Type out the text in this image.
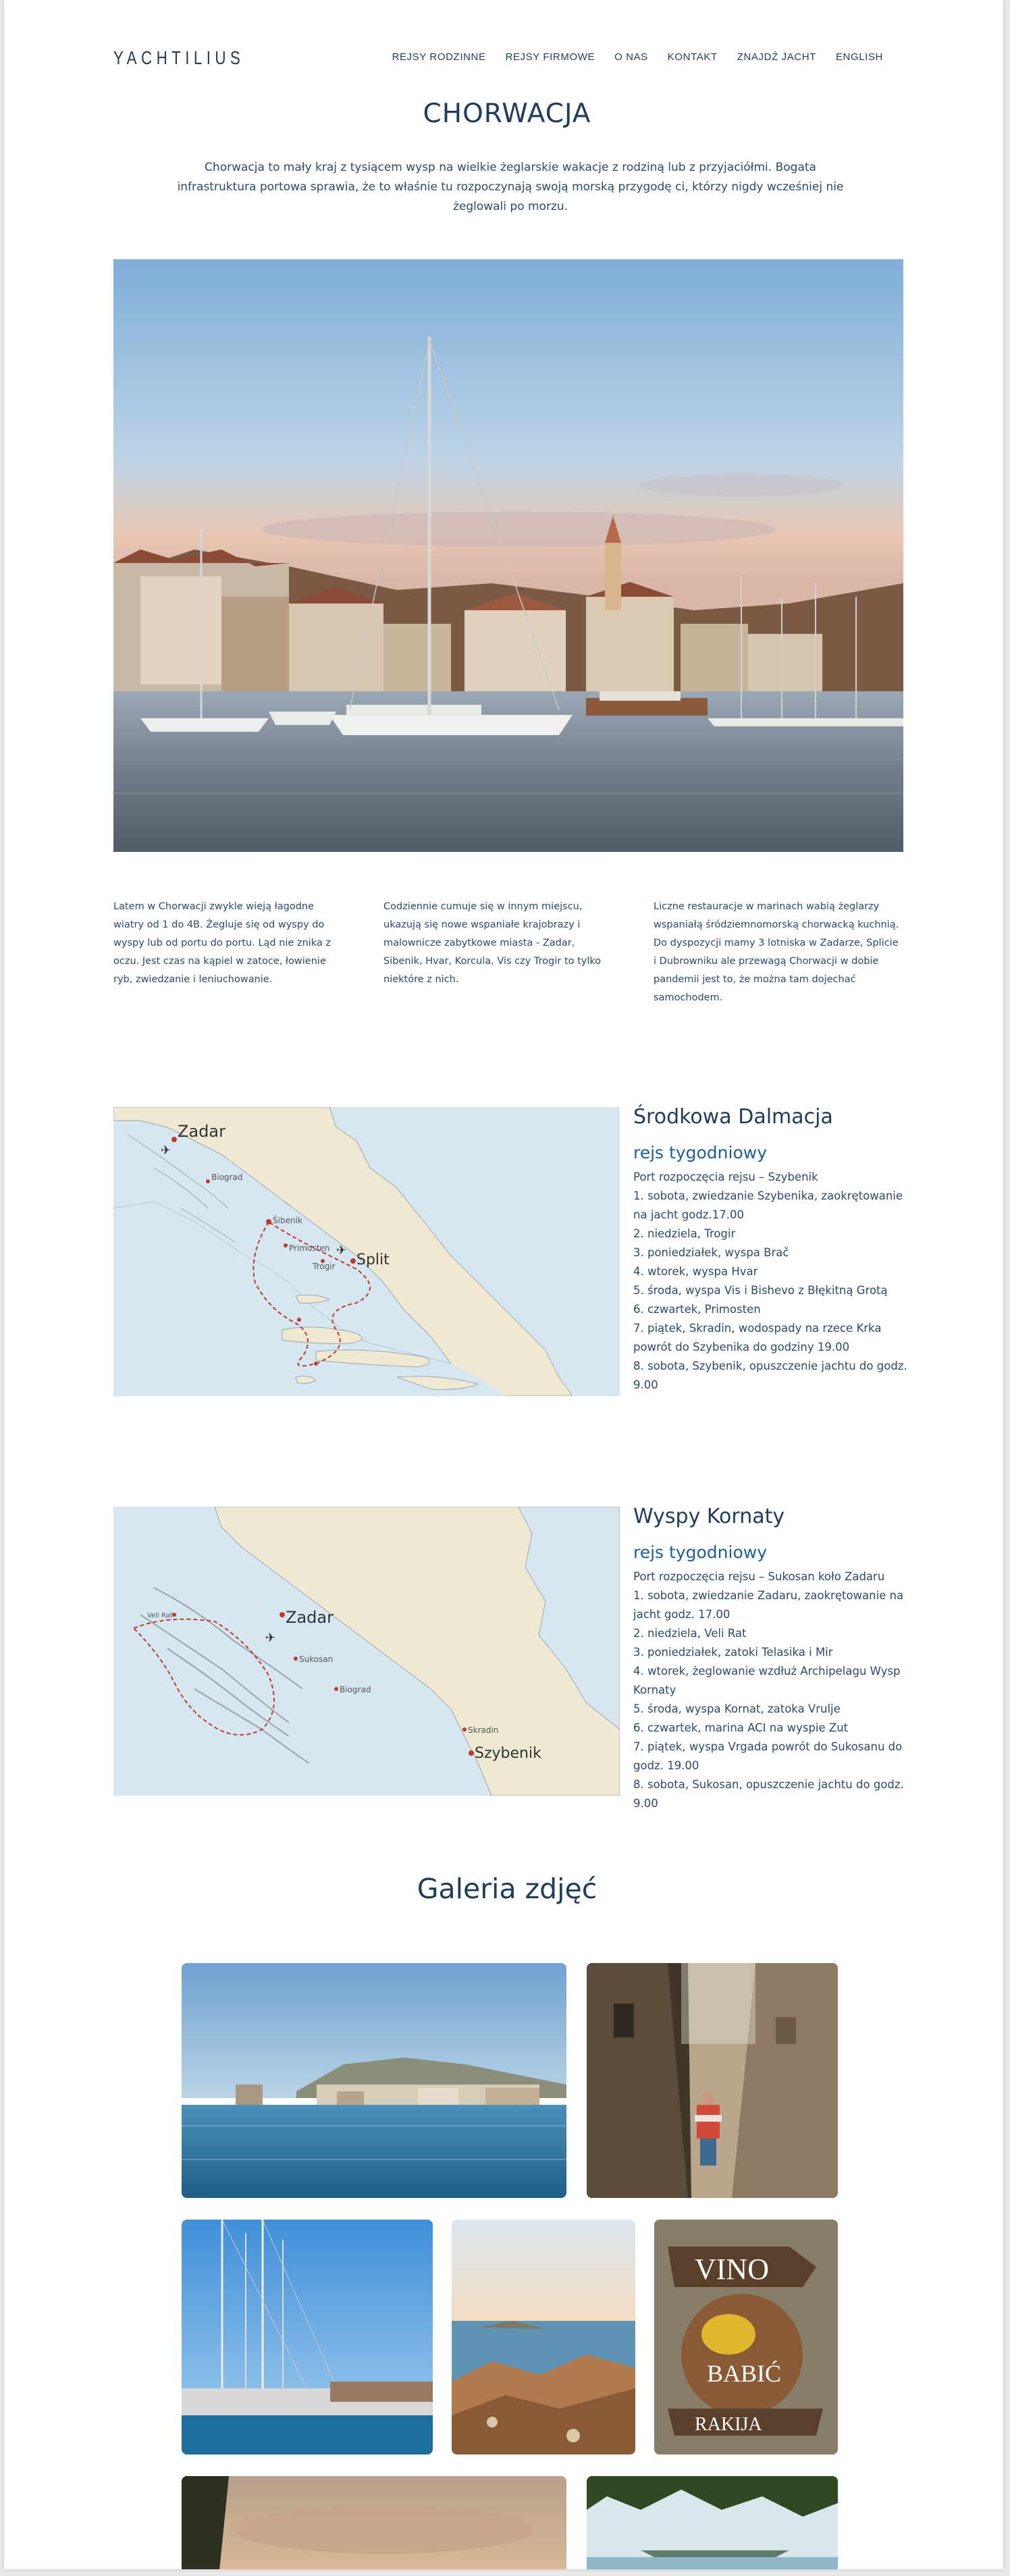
YACHTILIUS	REJSY RODZINNE REJSY FIRMOWE O NAS KONTAKT ZNAJDŹ JACHT ENGLISH
CHORWACJA

Chorwacja to mały kraj z tysiącem wysp na wielkie żeglarskie wakacje z rodziną lub z przyjaciółmi. Bogata infrastruktura portowa sprawia, że to właśnie tu rozpoczynają swoją morską przygodę ci, którzy nigdy wcześniej nie żeglowali po morzu.

Latem w Chorwacji zwykle wieją łagodne wiatry od 1 do 4B. Żegluje się od wyspy do wyspy lub od portu do portu. Ląd nie znika z oczu. Jest czas na kąpiel w zatoce, łowienie ryb, zwiedzanie i leniuchowanie.

Codziennie cumuje się w innym miejscu, ukazują się nowe wspaniałe krajobrazy i malownicze zabytkowe miasta - Zadar, Sibenik, Hvar, Korcula, Vis czy Trogir to tylko niektóre z nich.

Liczne restauracje w marinach wabią żeglarzy wspaniałą śródziemnomorską chorwacką kuchnią. Do dyspozycji mamy 3 lotniska w Zadarze, Splicie i Dubrowniku ale przewagą Chorwacji w dobie pandemii jest to, że można tam dojechać samochodem.

Zadar
✈
Biograd
Šibenik
Primosten
Trogir Split
✈
Środkowa Dalmacja
rejs tygodniowy

Port rozpoczęcia rejsu – Szybenik

1. sobota, zwiedzanie Szybenika, zaokrętowanie na jacht godz.17.00
2. niedziela, Trogir
3. poniedziałek, wyspa Brač
4. wtorek, wyspa Hvar
5. środa, wyspa Vis i Bishevo z Błękitną Grotą
6. czwartek, Primosten
7. piątek, Skradin, wodospady na rzece Krka powrót do Szybenika do godziny 19.00
8. sobota, Szybenik, opuszczenie jachtu do godz. 9.00
Zadar
✈
Sukosan
Biograd
Skradin
Szybenik
Veli Rat
Wyspy Kornaty
rejs tygodniowy

Port rozpoczęcia rejsu – Sukosan koło Zadaru

1. sobota, zwiedzanie Zadaru, zaokrętowanie na jacht godz. 17.00
2. niedziela, Veli Rat
3. poniedziałek, zatoki Telasika i Mir
4. wtorek, żeglowanie wzdłuż Archipelagu Wysp Kornaty
5. środa, wyspa Kornat, zatoka Vrulje
6. czwartek, marina ACI na wyspie Zut
7. piątek, wyspa Vrgada powrót do Sukosanu do godz. 19.00
8. sobota, Sukosan, opuszczenie jachtu do godz. 9.00
Galeria zdjęć
VINO
BABIĆ
RAKIJA
